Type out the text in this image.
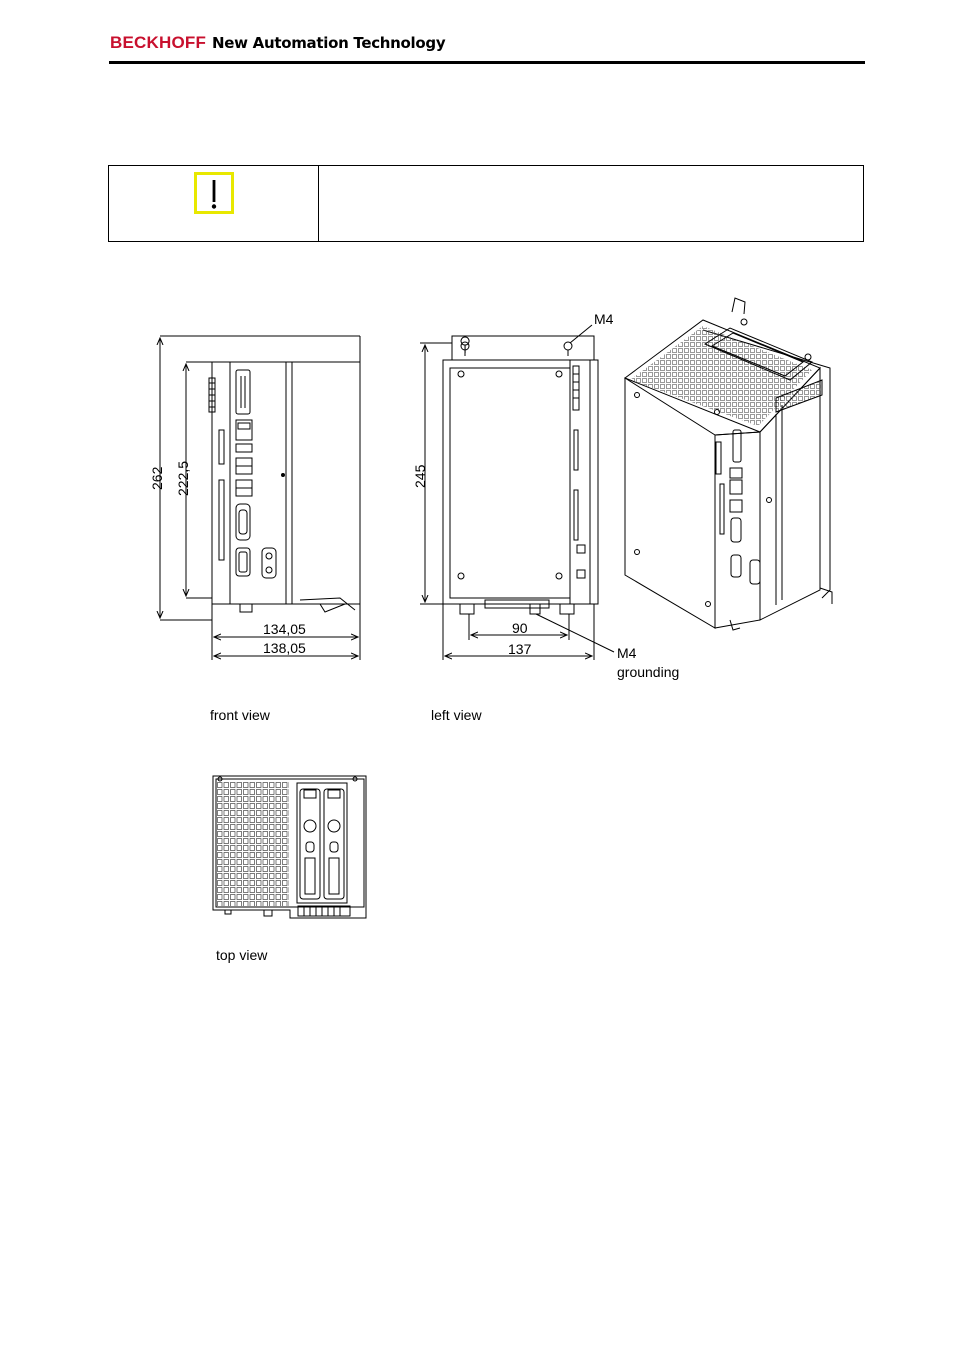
BECKHOFF New Automation Technology
262 222,5
134,05
138,05
front view
245
90
137
M4
M4
grounding
left view
top view
